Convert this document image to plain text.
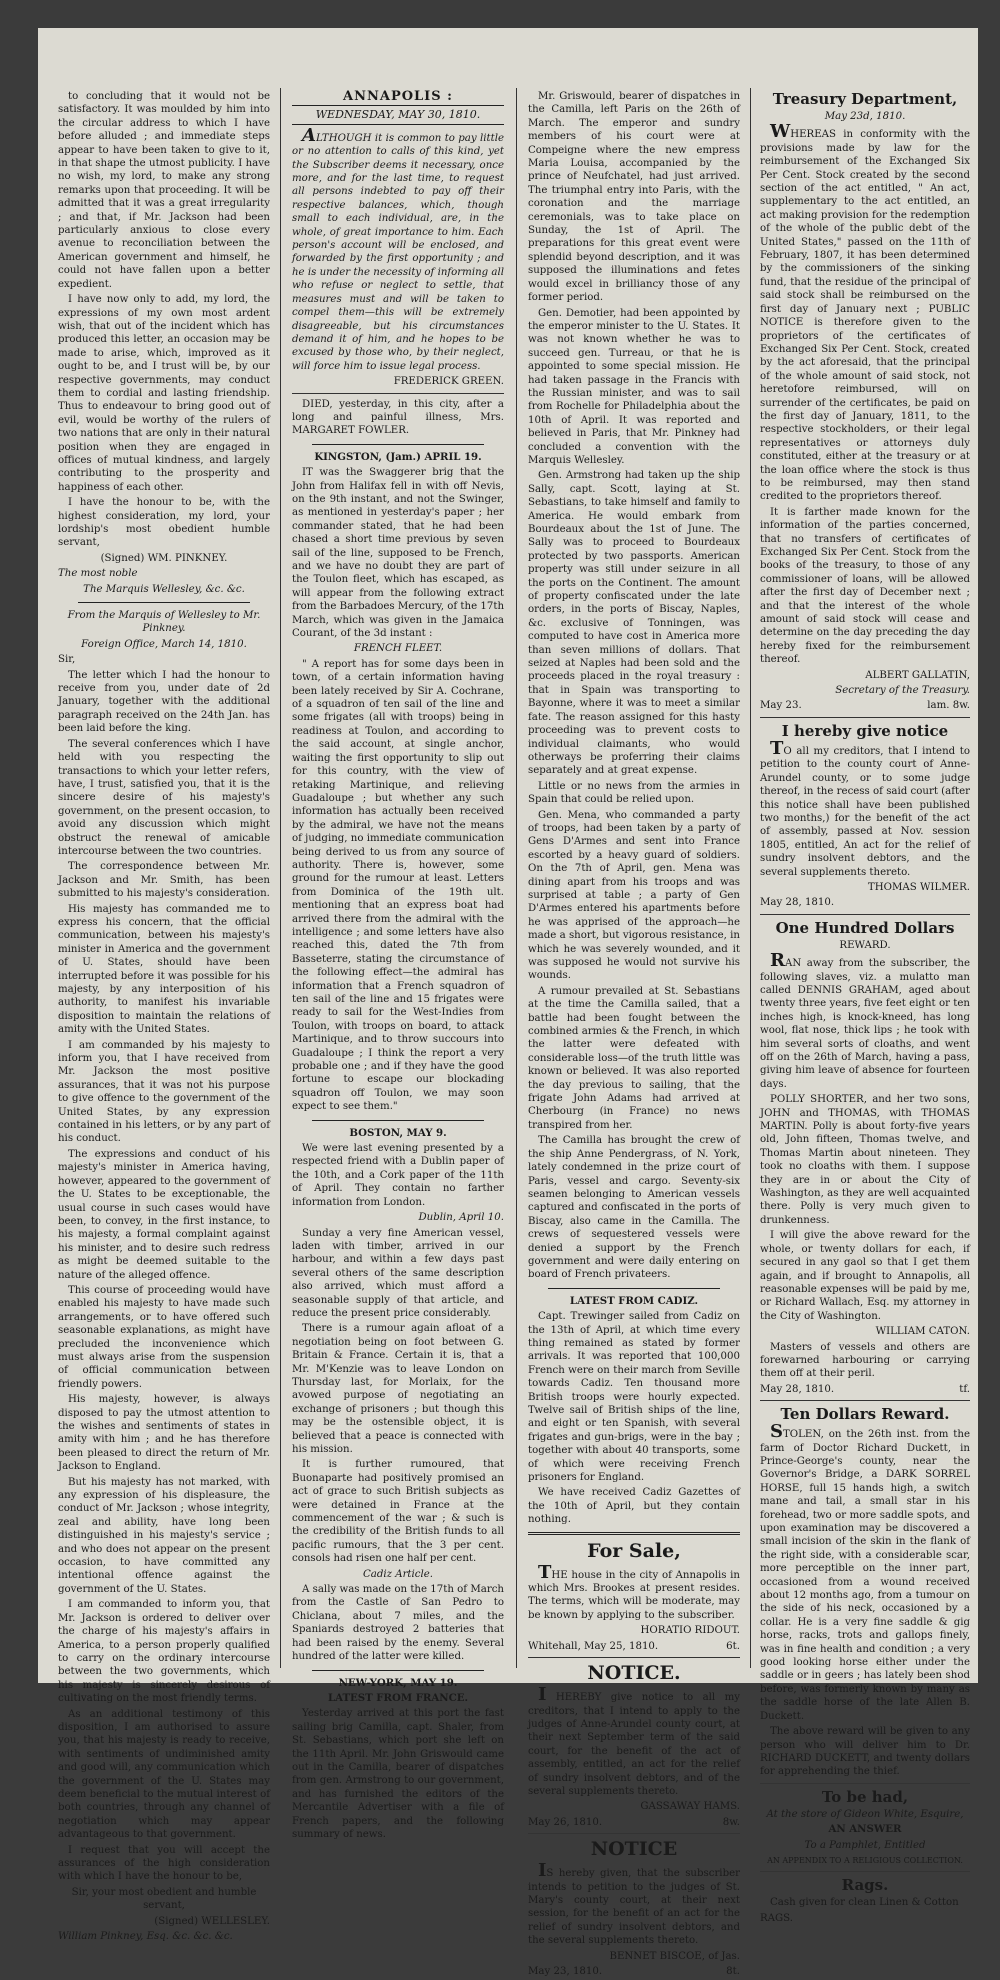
to concluding that it would not be satisfactory. It was moulded by him into the circular address to which I have before alluded ; and immediate steps appear to have been taken to give to it, in that shape the utmost publicity. I have no wish, my lord, to make any strong remarks upon that proceeding. It will be admitted that it was a great irregularity ; and that, if Mr. Jackson had been particularly anxious to close every avenue to reconciliation between the American government and himself, he could not have fallen upon a better expedient.

I have now only to add, my lord, the expressions of my own most ardent wish, that out of the incident which has produced this letter, an occasion may be made to arise, which, improved as it ought to be, and I trust will be, by our respective governments, may conduct them to cordial and lasting friendship. Thus to endeavour to bring good out of evil, would be worthy of the rulers of two nations that are only in their natural position when they are engaged in offices of mutual kindness, and largely contributing to the prosperity and happiness of each other.

I have the honour to be, with the highest consideration, my lord, your lordship's most obedient humble servant,

(Signed) WM. PINKNEY.

The most noble

The Marquis Wellesley, &c. &c.

From the Marquis of Wellesley to Mr. Pinkney.

Foreign Office, March 14, 1810.

Sir,

The letter which I had the honour to receive from you, under date of 2d January, together with the additional paragraph received on the 24th Jan. has been laid before the king.

The several conferences which I have held with you respecting the transactions to which your letter refers, have, I trust, satisfied you, that it is the sincere desire of his majesty's government, on the present occasion, to avoid any discussion which might obstruct the renewal of amicable intercourse between the two countries.

The correspondence between Mr. Jackson and Mr. Smith, has been submitted to his majesty's consideration.

His majesty has commanded me to express his concern, that the official communication, between his majesty's minister in America and the government of U. States, should have been interrupted before it was possible for his majesty, by any interposition of his authority, to manifest his invariable disposition to maintain the relations of amity with the United States.

I am commanded by his majesty to inform you, that I have received from Mr. Jackson the most positive assurances, that it was not his purpose to give offence to the government of the United States, by any expression contained in his letters, or by any part of his conduct.

The expressions and conduct of his majesty's minister in America having, however, appeared to the government of the U. States to be exceptionable, the usual course in such cases would have been, to convey, in the first instance, to his majesty, a formal complaint against his minister, and to desire such redress as might be deemed suitable to the nature of the alleged offence.

This course of proceeding would have enabled his majesty to have made such arrangements, or to have offered such seasonable explanations, as might have precluded the inconvenience which must always arise from the suspension of official communication between friendly powers.

His majesty, however, is always disposed to pay the utmost attention to the wishes and sentiments of states in amity with him ; and he has therefore been pleased to direct the return of Mr. Jackson to England.

But his majesty has not marked, with any expression of his displeasure, the conduct of Mr. Jackson ; whose integrity, zeal and ability, have long been distinguished in his majesty's service ; and who does not appear on the present occasion, to have committed any intentional offence against the government of the U. States.

I am commanded to inform you, that Mr. Jackson is ordered to deliver over the charge of his majesty's affairs in America, to a person properly qualified to carry on the ordinary intercourse between the two governments, which his majesty is sincerely desirous of cultivating on the most friendly terms.

As an additional testimony of this disposition, I am authorised to assure you, that his majesty is ready to receive, with sentiments of undiminished amity and good will, any communication which the government of the U. States may deem beneficial to the mutual interest of both countries, through any channel of negotiation which may appear advantageous to that government.

I request that you will accept the assurances of the high consideration with which I have the honour to be,

Sir, your most obedient and humble servant,

(Signed) WELLESLEY.

William Pinkney, Esq. &c. &c. &c.

ANNAPOLIS :

WEDNESDAY, MAY 30, 1810.

ALTHOUGH it is common to pay little or no attention to calls of this kind, yet the Subscriber deems it necessary, once more, and for the last time, to request all persons indebted to pay off their respective balances, which, though small to each individual, are, in the whole, of great importance to him. Each person's account will be enclosed, and forwarded by the first opportunity ; and he is under the necessity of informing all who refuse or neglect to settle, that measures must and will be taken to compel them—this will be extremely disagreeable, but his circumstances demand it of him, and he hopes to be excused by those who, by their neglect, will force him to issue legal process.

FREDERICK GREEN.

DIED, yesterday, in this city, after a long and painful illness, Mrs. MARGARET FOWLER.

KINGSTON, (Jam.) APRIL 19.

IT was the Swaggerer brig that the John from Halifax fell in with off Nevis, on the 9th instant, and not the Swinger, as mentioned in yesterday's paper ; her commander stated, that he had been chased a short time previous by seven sail of the line, supposed to be French, and we have no doubt they are part of the Toulon fleet, which has escaped, as will appear from the following extract from the Barbadoes Mercury, of the 17th March, which was given in the Jamaica Courant, of the 3d instant :

FRENCH FLEET.

" A report has for some days been in town, of a certain information having been lately received by Sir A. Cochrane, of a squadron of ten sail of the line and some frigates (all with troops) being in readiness at Toulon, and according to the said account, at single anchor, waiting the first opportunity to slip out for this country, with the view of retaking Martinique, and relieving Guadaloupe ; but whether any such information has actually been received by the admiral, we have not the means of judging, no immediate communication being derived to us from any source of authority. There is, however, some ground for the rumour at least. Letters from Dominica of the 19th ult. mentioning that an express boat had arrived there from the admiral with the intelligence ; and some letters have also reached this, dated the 7th from Basseterre, stating the circumstance of the following effect—the admiral has information that a French squadron of ten sail of the line and 15 frigates were ready to sail for the West-Indies from Toulon, with troops on board, to attack Martinique, and to throw succours into Guadaloupe ; I think the report a very probable one ; and if they have the good fortune to escape our blockading squadron off Toulon, we may soon expect to see them."

BOSTON, MAY 9.

We were last evening presented by a respected friend with a Dublin paper of the 10th, and a Cork paper of the 11th of April. They contain no farther information from London.

Dublin, April 10.

Sunday a very fine American vessel, laden with timber, arrived in our harbour, and within a few days past several others of the same description also arrived, which must afford a seasonable supply of that article, and reduce the present price considerably.

There is a rumour again afloat of a negotiation being on foot between G. Britain & France. Certain it is, that a Mr. M'Kenzie was to leave London on Thursday last, for Morlaix, for the avowed purpose of negotiating an exchange of prisoners ; but though this may be the ostensible object, it is believed that a peace is connected with his mission.

It is further rumoured, that Buonaparte had positively promised an act of grace to such British subjects as were detained in France at the commencement of the war ; & such is the credibility of the British funds to all pacific rumours, that the 3 per cent. consols had risen one half per cent.

Cadiz Article.

A sally was made on the 17th of March from the Castle of San Pedro to Chiclana, about 7 miles, and the Spaniards destroyed 2 batteries that had been raised by the enemy. Several hundred of the latter were killed.

NEW-YORK, MAY 19.

LATEST FROM FRANCE.

Yesterday arrived at this port the fast sailing brig Camilla, capt. Shaler, from St. Sebastians, which port she left on the 11th April. Mr. John Griswould came out in the Camilla, bearer of dispatches from gen. Armstrong to our government, and has furnished the editors of the Mercantile Advertiser with a file of French papers, and the following summary of news.

Mr. Griswould, bearer of dispatches in the Camilla, left Paris on the 26th of March. The emperor and sundry members of his court were at Compeigne where the new empress Maria Louisa, accompanied by the prince of Neufchatel, had just arrived. The triumphal entry into Paris, with the coronation and the marriage ceremonials, was to take place on Sunday, the 1st of April. The preparations for this great event were splendid beyond description, and it was supposed the illuminations and fetes would excel in brilliancy those of any former period.

Gen. Demotier, had been appointed by the emperor minister to the U. States. It was not known whether he was to succeed gen. Turreau, or that he is appointed to some special mission. He had taken passage in the Francis with the Russian minister, and was to sail from Rochelle for Philadelphia about the 10th of April. It was reported and believed in Paris, that Mr. Pinkney had concluded a convention with the Marquis Wellesley.

Gen. Armstrong had taken up the ship Sally, capt. Scott, laying at St. Sebastians, to take himself and family to America. He would embark from Bourdeaux about the 1st of June. The Sally was to proceed to Bourdeaux protected by two passports. American property was still under seizure in all the ports on the Continent. The amount of property confiscated under the late orders, in the ports of Biscay, Naples, &c. exclusive of Tonningen, was computed to have cost in America more than seven millions of dollars. That seized at Naples had been sold and the proceeds placed in the royal treasury : that in Spain was transporting to Bayonne, where it was to meet a similar fate. The reason assigned for this hasty proceeding was to prevent costs to individual claimants, who would otherways be proferring their claims separately and at great expense.

Little or no news from the armies in Spain that could be relied upon.

Gen. Mena, who commanded a party of troops, had been taken by a party of Gens D'Armes and sent into France escorted by a heavy guard of soldiers. On the 7th of April, gen. Mena was dining apart from his troops and was surprised at table ; a party of Gen D'Armes entered his apartments before he was apprised of the approach—he made a short, but vigorous resistance, in which he was severely wounded, and it was supposed he would not survive his wounds.

A rumour prevailed at St. Sebastians at the time the Camilla sailed, that a battle had been fought between the combined armies & the French, in which the latter were defeated with considerable loss—of the truth little was known or believed. It was also reported the day previous to sailing, that the frigate John Adams had arrived at Cherbourg (in France) no news transpired from her.

The Camilla has brought the crew of the ship Anne Pendergrass, of N. York, lately condemned in the prize court of Paris, vessel and cargo. Seventy-six seamen belonging to American vessels captured and confiscated in the ports of Biscay, also came in the Camilla. The crews of sequestered vessels were denied a support by the French government and were daily entering on board of French privateers.

LATEST FROM CADIZ.

Capt. Trewinger sailed from Cadiz on the 13th of April, at which time every thing remained as stated by former arrivals. It was reported that 100,000 French were on their march from Seville towards Cadiz. Ten thousand more British troops were hourly expected. Twelve sail of British ships of the line, and eight or ten Spanish, with several frigates and gun-brigs, were in the bay ; together with about 40 transports, some of which were receiving French prisoners for England.

We have received Cadiz Gazettes of the 10th of April, but they contain nothing.

For Sale,

THE house in the city of Annapolis in which Mrs. Brookes at present resides. The terms, which will be moderate, may be known by applying to the subscriber.

HORATIO RIDOUT.

Whitehall, May 25, 1810.	6t.

NOTICE.

I HEREBY give notice to all my creditors, that I intend to apply to the judges of Anne-Arundel county court, at their next September term of the said court, for the benefit of the act of assembly, entitled, an act for the relief of sundry insolvent debtors, and of the several supplements thereto.

GASSAWAY HAMS.

May 26, 1810.	8w.

NOTICE

IS hereby given, that the subscriber intends to petition to the judges of St. Mary's county court, at their next session, for the benefit of an act for the relief of sundry insolvent debtors, and the several supplements thereto.

BENNET BISCOE, of Jas.

May 23, 1810.	8t.

Treasury Department,

May 23d, 1810.

WHEREAS in conformity with the provisions made by law for the reimbursement of the Exchanged Six Per Cent. Stock created by the second section of the act entitled, " An act, supplementary to the act entitled, an act making provision for the redemption of the whole of the public debt of the United States," passed on the 11th of February, 1807, it has been determined by the commissioners of the sinking fund, that the residue of the principal of said stock shall be reimbursed on the first day of January next ; PUBLIC NOTICE is therefore given to the proprietors of the certificates of Exchanged Six Per Cent. Stock, created by the act aforesaid, that the principal of the whole amount of said stock, not heretofore reimbursed, will on surrender of the certificates, be paid on the first day of January, 1811, to the respective stockholders, or their legal representatives or attorneys duly constituted, either at the treasury or at the loan office where the stock is thus to be reimbursed, may then stand credited to the proprietors thereof.

It is farther made known for the information of the parties concerned, that no transfers of certificates of Exchanged Six Per Cent. Stock from the books of the treasury, to those of any commissioner of loans, will be allowed after the first day of December next ; and that the interest of the whole amount of said stock will cease and determine on the day preceding the day hereby fixed for the reimbursement thereof.

ALBERT GALLATIN,

Secretary of the Treasury.

May 23.	lam. 8w.

I hereby give notice

TO all my creditors, that I intend to petition to the county court of Anne-Arundel county, or to some judge thereof, in the recess of said court (after this notice shall have been published two months,) for the benefit of the act of assembly, passed at Nov. session 1805, entitled, An act for the relief of sundry insolvent debtors, and the several supplements thereto.

THOMAS WILMER.

May 28, 1810.

One Hundred Dollars

REWARD.

RAN away from the subscriber, the following slaves, viz. a mulatto man called DENNIS GRAHAM, aged about twenty three years, five feet eight or ten inches high, is knock-kneed, has long wool, flat nose, thick lips ; he took with him several sorts of cloaths, and went off on the 26th of March, having a pass, giving him leave of absence for fourteen days.

POLLY SHORTER, and her two sons, JOHN and THOMAS, with THOMAS MARTIN. Polly is about forty-five years old, John fifteen, Thomas twelve, and Thomas Martin about nineteen. They took no cloaths with them. I suppose they are in or about the City of Washington, as they are well acquainted there. Polly is very much given to drunkenness.

I will give the above reward for the whole, or twenty dollars for each, if secured in any gaol so that I get them again, and if brought to Annapolis, all reasonable expenses will be paid by me, or Richard Wallach, Esq. my attorney in the City of Washington.

WILLIAM CATON.

Masters of vessels and others are forewarned harbouring or carrying them off at their peril.

May 28, 1810.	tf.

Ten Dollars Reward.

STOLEN, on the 26th inst. from the farm of Doctor Richard Duckett, in Prince-George's county, near the Governor's Bridge, a DARK SORREL HORSE, full 15 hands high, a switch mane and tail, a small star in his forehead, two or more saddle spots, and upon examination may be discovered a small incision of the skin in the flank of the right side, with a considerable scar, more perceptible on the inner part, occasioned from a wound received about 12 months ago, from a tumour on the side of his neck, occasioned by a collar. He is a very fine saddle & gig horse, racks, trots and gallops finely, was in fine health and condition ; a very good looking horse either under the saddle or in geers ; has lately been shod before, was formerly known by many as the saddle horse of the late Allen B. Duckett.

The above reward will be given to any person who will deliver him to Dr. RICHARD DUCKETT, and twenty dollars for apprehending the thief.

To be had,

At the store of Gideon White, Esquire,

AN ANSWER

To a Pamphlet, Entitled

AN APPENDIX TO A RELIGIOUS COLLECTION.

Rags.

Cash given for clean Linen & Cotton

RAGS.
